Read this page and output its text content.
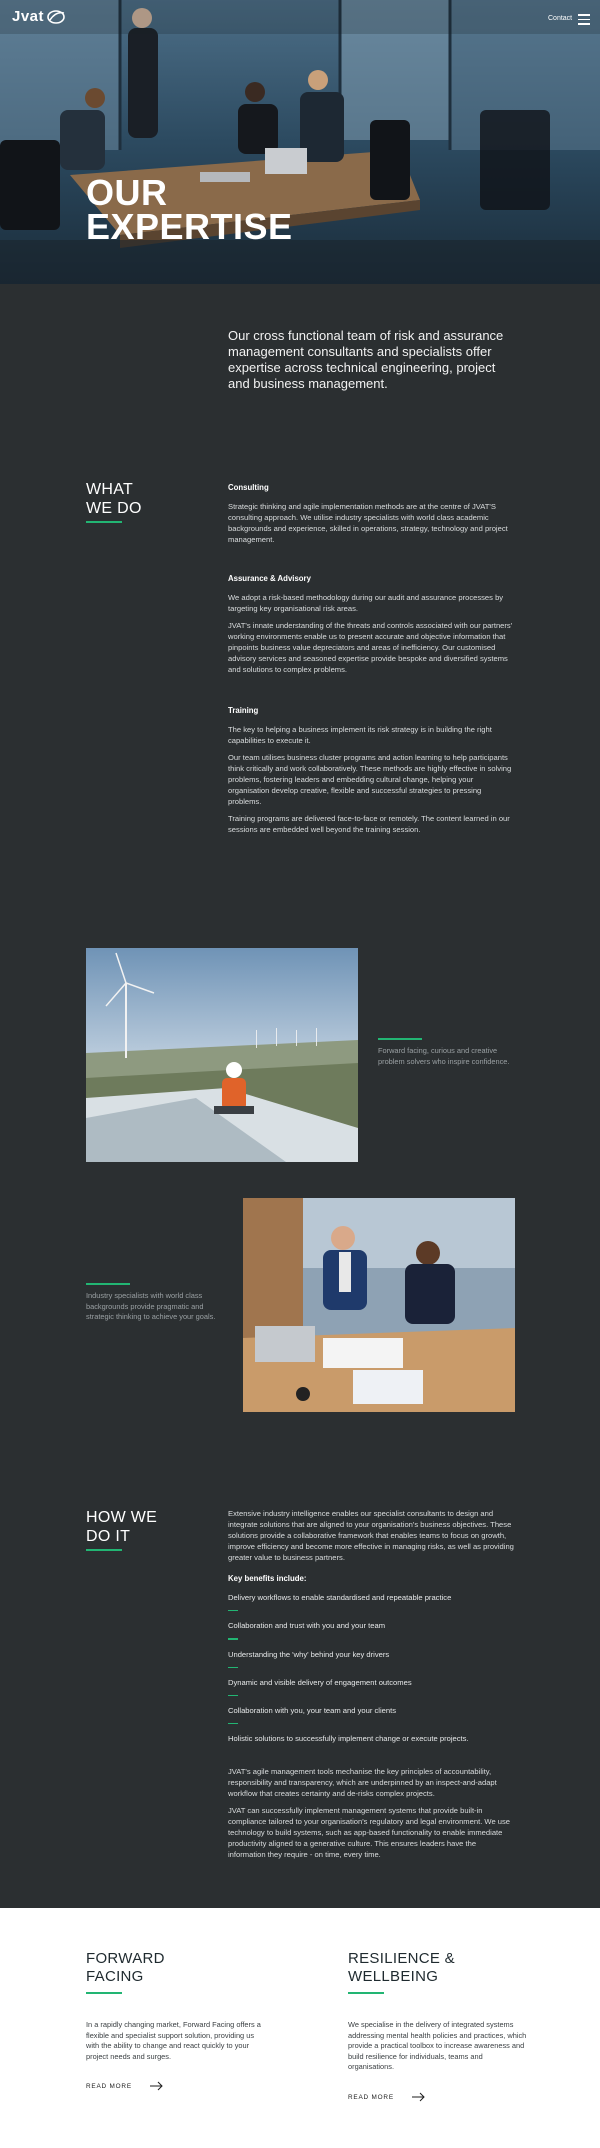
Jvat	Contact
OUR
EXPERTISE

Our cross functional team of risk and assurance management consultants and specialists offer expertise across technical engineering, project and business management.

WHAT
WE DO
Consulting

Strategic thinking and agile implementation methods are at the centre of JVAT'S consulting approach. We utilise industry specialists with world class academic backgrounds and experience, skilled in operations, strategy, technology and project management.

Assurance & Advisory

We adopt a risk-based methodology during our audit and assurance processes by targeting key organisational risk areas.

JVAT's innate understanding of the threats and controls associated with our partners' working environments enable us to present accurate and objective information that pinpoints business value depreciators and areas of inefficiency. Our customised advisory services and seasoned expertise provide bespoke and diversified systems and solutions to complex problems.

Training

The key to helping a business implement its risk strategy is in building the right capabilities to execute it.

Our team utilises business cluster programs and action learning to help participants think critically and work collaboratively. These methods are highly effective in solving problems, fostering leaders and embedding cultural change, helping your organisation develop creative, flexible and successful strategies to pressing problems.

Training programs are delivered face-to-face or remotely. The content learned in our sessions are embedded well beyond the training session.

Forward facing, curious and creative problem solvers who inspire confidence.

Industry specialists with world class backgrounds provide pragmatic and strategic thinking to achieve your goals.

HOW WE
DO IT

Extensive industry intelligence enables our specialist consultants to design and integrate solutions that are aligned to your organisation's business objectives. These solutions provide a collaborative framework that enables teams to focus on growth, improve efficiency and become more effective in managing risks, as well as providing greater value to business partners.

Key benefits include:
Delivery workflows to enable standardised and repeatable practice
Collaboration and trust with you and your team
Understanding the 'why' behind your key drivers
Dynamic and visible delivery of engagement outcomes
Collaboration with you, your team and your clients
Holistic solutions to successfully implement change or execute projects.

JVAT's agile management tools mechanise the key principles of accountability, responsibility and transparency, which are underpinned by an inspect-and-adapt workflow that creates certainty and de-risks complex projects.

JVAT can successfully implement management systems that provide built-in compliance tailored to your organisation's regulatory and legal environment. We use technology to build systems, such as app-based functionality to enable immediate productivity aligned to a generative culture. This ensures leaders have the information they require - on time, every time.

FORWARD
FACING

In a rapidly changing market, Forward Facing offers a flexible and specialist support solution, providing us with the ability to change and react quickly to your project needs and surges.

READ MORE
RESILIENCE &
WELLBEING

We specialise in the delivery of integrated systems addressing mental health policies and practices, which provide a practical toolbox to increase awareness and build resilience for individuals, teams and organisations.

READ MORE
